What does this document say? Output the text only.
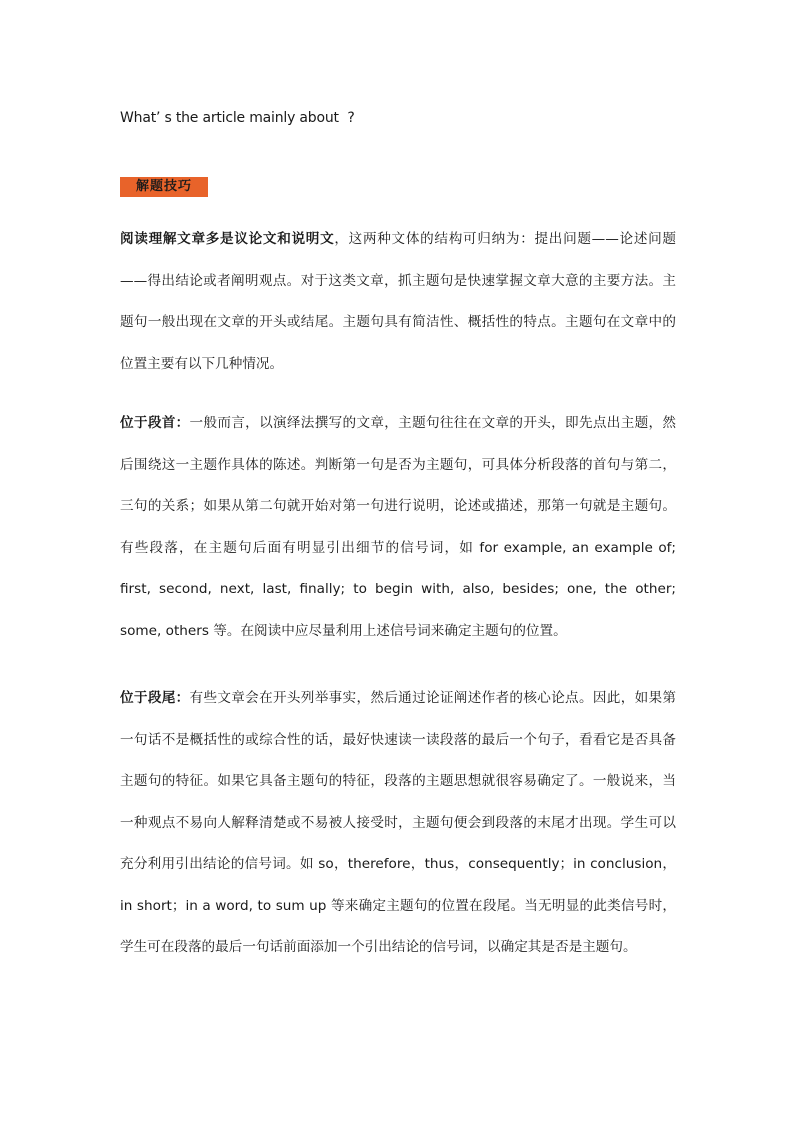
What’ s the article mainly about  ?
解题技巧

阅读理解文章多是议论文和说明文，这两种文体的结构可归纳为：提出问题——论述问题——得出结论或者阐明观点。对于这类文章，抓主题句是快速掌握文章大意的主要方法。主题句一般出现在文章的开头或结尾。主题句具有简洁性、概括性的特点。主题句在文章中的位置主要有以下几种情况。

位于段首：一般而言，以演绎法撰写的文章，主题句往往在文章的开头，即先点出主题，然后围绕这一主题作具体的陈述。判断第一句是否为主题句，可具体分析段落的首句与第二，三句的关系；如果从第二句就开始对第一句进行说明，论述或描述，那第一句就是主题句。有些段落，在主题句后面有明显引出细节的信号词，如 for example, an example of; first, second, next, last, finally; to begin with, also, besides; one, the other; some, others 等。在阅读中应尽量利用上述信号词来确定主题句的位置。

位于段尾：有些文章会在开头列举事实，然后通过论证阐述作者的核心论点。因此，如果第一句话不是概括性的或综合性的话，最好快速读一读段落的最后一个句子，看看它是否具备主题句的特征。如果它具备主题句的特征，段落的主题思想就很容易确定了。一般说来，当一种观点不易向人解释清楚或不易被人接受时，主题句便会到段落的末尾才出现。学生可以充分利用引出结论的信号词。如 so，therefore，thus，consequently；in conclusion，in short；in a word, to sum up 等来确定主题句的位置在段尾。当无明显的此类信号时，学生可在段落的最后一句话前面添加一个引出结论的信号词，以确定其是否是主题句。
